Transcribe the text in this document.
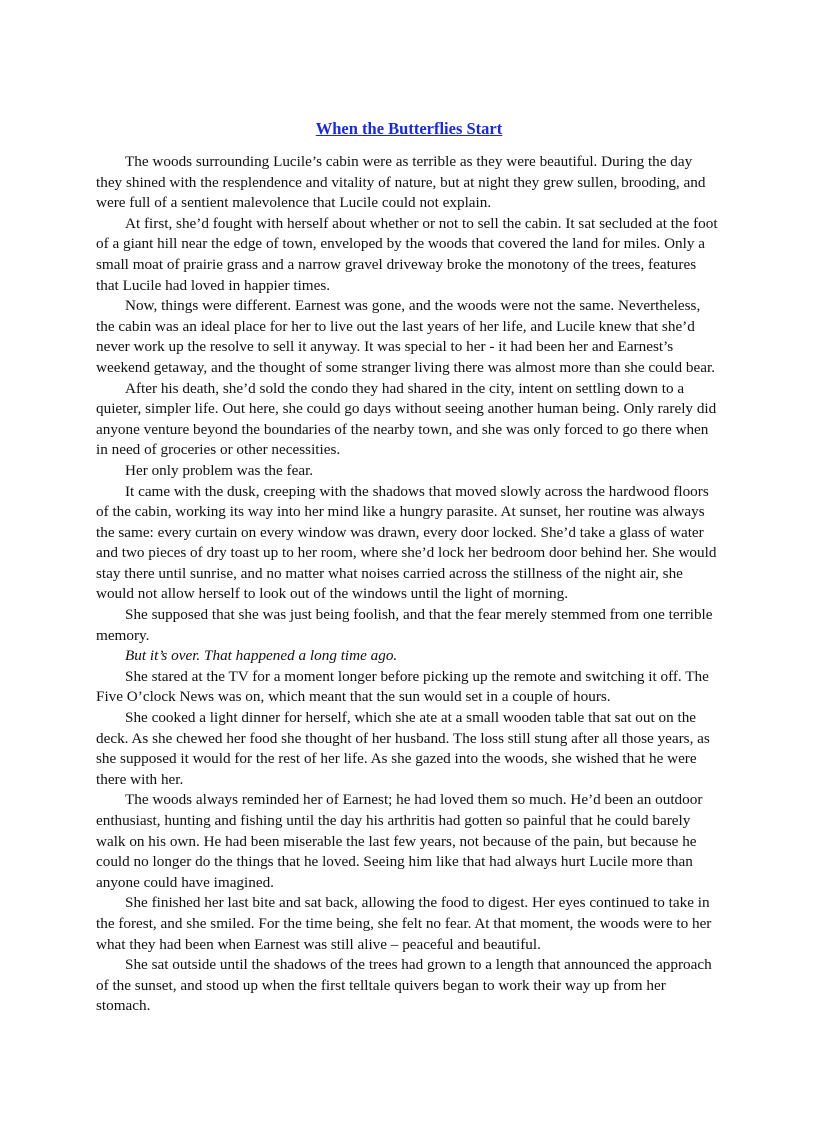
When the Butterflies Start

The woods surrounding Lucile’s cabin were as terrible as they were beautiful. During the day they shined with the resplendence and vitality of nature, but at night they grew sullen, brooding, and were full of a sentient malevolence that Lucile could not explain.

At first, she’d fought with herself about whether or not to sell the cabin. It sat secluded at the foot of a giant hill near the edge of town, enveloped by the woods that covered the land for miles. Only a small moat of prairie grass and a narrow gravel driveway broke the monotony of the trees, features that Lucile had loved in happier times.

Now, things were different. Earnest was gone, and the woods were not the same. Nevertheless, the cabin was an ideal place for her to live out the last years of her life, and Lucile knew that she’d never work up the resolve to sell it anyway. It was special to her - it had been her and Earnest’s weekend getaway, and the thought of some stranger living there was almost more than she could bear.

After his death, she’d sold the condo they had shared in the city, intent on settling down to a quieter, simpler life. Out here, she could go days without seeing another human being. Only rarely did anyone venture beyond the boundaries of the nearby town, and she was only forced to go there when in need of groceries or other necessities.

Her only problem was the fear.

It came with the dusk, creeping with the shadows that moved slowly across the hardwood floors of the cabin, working its way into her mind like a hungry parasite. At sunset, her routine was always the same: every curtain on every window was drawn, every door locked. She’d take a glass of water and two pieces of dry toast up to her room, where she’d lock her bedroom door behind her. She would stay there until sunrise, and no matter what noises carried across the stillness of the night air, she would not allow herself to look out of the windows until the light of morning.

She supposed that she was just being foolish, and that the fear merely stemmed from one terrible memory.

But it’s over. That happened a long time ago.

She stared at the TV for a moment longer before picking up the remote and switching it off. The Five O’clock News was on, which meant that the sun would set in a couple of hours.

She cooked a light dinner for herself, which she ate at a small wooden table that sat out on the deck. As she chewed her food she thought of her husband. The loss still stung after all those years, as she supposed it would for the rest of her life. As she gazed into the woods, she wished that he were there with her.

The woods always reminded her of Earnest; he had loved them so much. He’d been an outdoor enthusiast, hunting and fishing until the day his arthritis had gotten so painful that he could barely walk on his own. He had been miserable the last few years, not because of the pain, but because he could no longer do the things that he loved. Seeing him like that had always hurt Lucile more than anyone could have imagined.

She finished her last bite and sat back, allowing the food to digest. Her eyes continued to take in the forest, and she smiled. For the time being, she felt no fear. At that moment, the woods were to her what they had been when Earnest was still alive – peaceful and beautiful.

She sat outside until the shadows of the trees had grown to a length that announced the approach of the sunset, and stood up when the first telltale quivers began to work their way up from her stomach.
